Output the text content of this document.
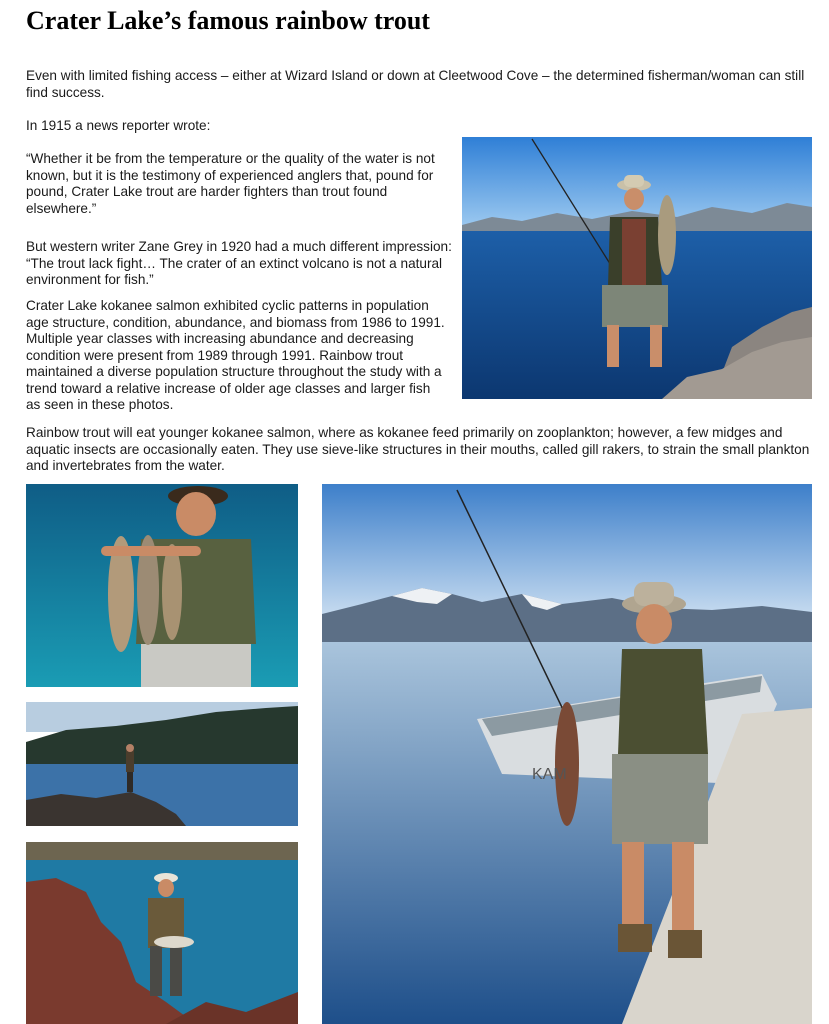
Crater Lake’s famous rainbow trout

Even with limited fishing access – either at Wizard Island or down at Cleetwood Cove – the determined fisherman/woman can still find success.

In 1915 a news reporter wrote:

“Whether it be from the temperature or the quality of the water is not known, but it is the testimony of experienced anglers that, pound for pound, Crater Lake trout are harder fighters than trout found elsewhere.”

But western writer Zane Grey in 1920 had a much different impression: “The trout lack fight… The crater of an extinct volcano is not a natural environment for fish.”

Crater Lake kokanee salmon exhibited cyclic patterns in population age structure, condition, abundance, and biomass from 1986 to 1991. Multiple year classes with increasing abundance and decreasing condition were present from 1989 through 1991. Rainbow trout maintained a diverse population structure throughout the study with a trend toward a relative increase of older age classes and larger fish as seen in these photos.

Rainbow trout will eat younger kokanee salmon, where as kokanee feed primarily on zooplankton; however, a few midges and aquatic insects are occasionally eaten. They use sieve-like structures in their mouths, called gill rakers, to strain the small plankton and invertebrates from the water.

KAM
